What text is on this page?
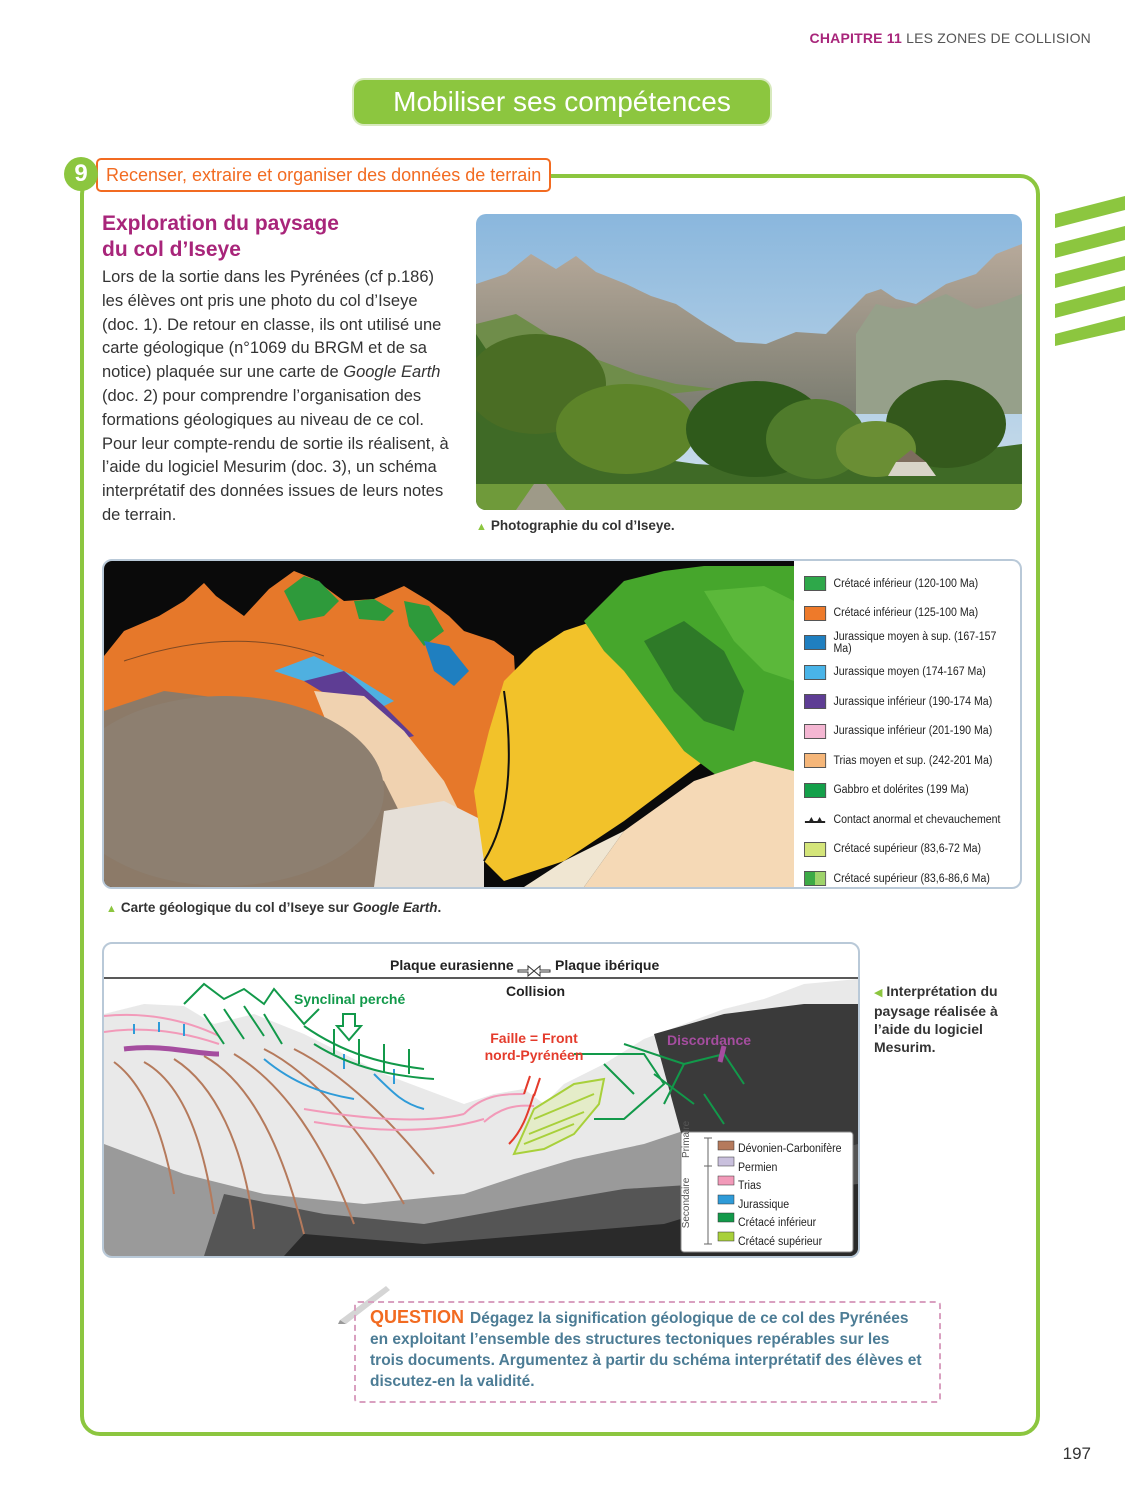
CHAPITRE 11 LES ZONES DE COLLISION
Mobiliser ses compétences
9	Recenser, extraire et organiser des données de terrain
Exploration du paysage
du col d’Iseye
Lors de la sortie dans les Pyrénées (cf p.186) les élèves ont pris une photo du col d’Iseye (doc. 1). De retour en classe, ils ont utilisé une carte géologique (n°1069 du BRGM et de sa notice) plaquée sur une carte de Google Earth (doc. 2) pour comprendre l’organisation des formations géologiques au niveau de ce col. Pour leur compte-rendu de sortie ils réalisent, à l’aide du logiciel Mesurim (doc. 3), un schéma interprétatif des données issues de leurs notes de terrain.
▲ Photographie du col d’Iseye.
Crétacé inférieur (120-100 Ma)
Crétacé inférieur (125-100 Ma)
Jurassique moyen à sup. (167-157 Ma)
Jurassique moyen (174-167 Ma)
Jurassique inférieur (190-174 Ma)
Jurassique inférieur (201-190 Ma)
Trias moyen et sup. (242-201 Ma)
Gabbro et dolérites (199 Ma)
Contact anormal et chevauchement
Crétacé supérieur (83,6-72 Ma)
Crétacé supérieur (83,6-86,6 Ma)
▲ Carte géologique du col d’Iseye sur Google Earth.
Plaque eurasienne	Plaque ibérique
Collision
Synclinal perché
Faille = Front
nord-Pyrénéen
Discordance
Primaire
Secondaire
Dévonien-Carbonifère
Permien
Trias
Jurassique
Crétacé inférieur
Crétacé supérieur
◀ Interprétation du paysage réalisée à l’aide du logiciel Mesurim.
QUESTION Dégagez la signification géologique de ce col des Pyrénées en exploitant l’ensemble des structures tectoniques repérables sur les trois documents. Argumentez à partir du schéma interprétatif des élèves et discutez-en la validité.
197
